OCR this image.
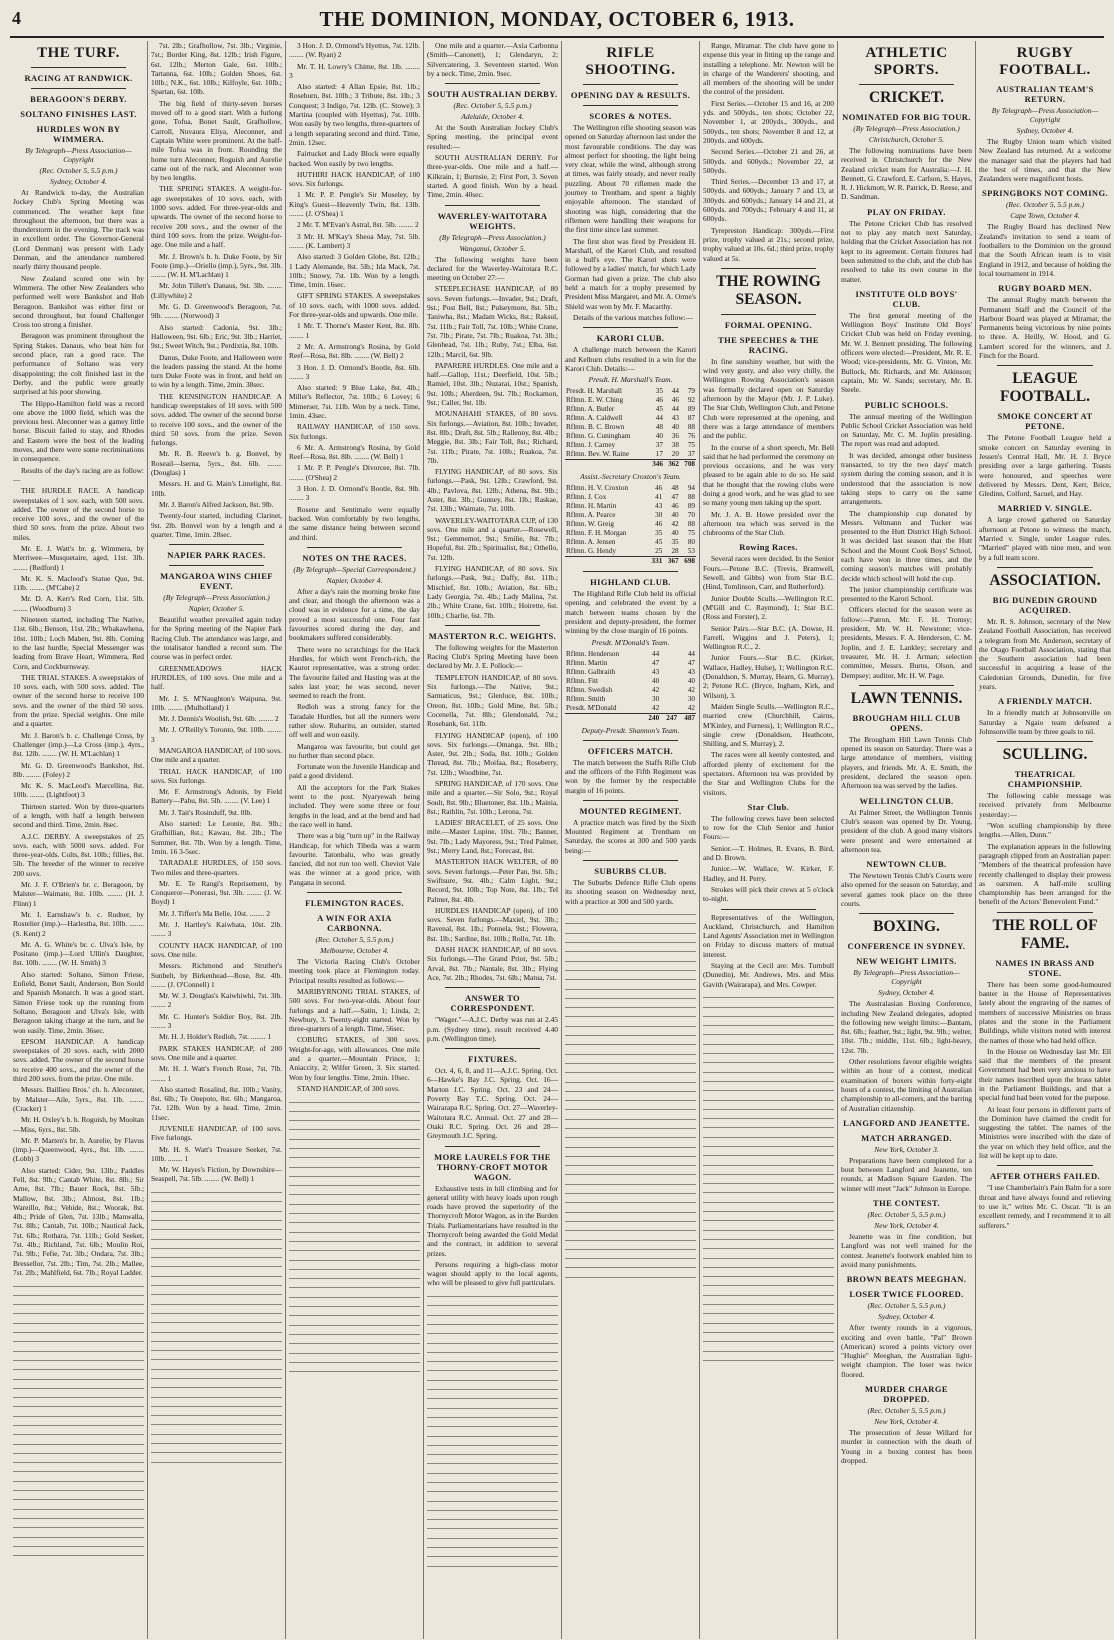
4	THE DOMINION, MONDAY, OCTOBER 6, 1913.
THE TURF.
RACING AT RANDWICK.
BERAGOON'S DERBY.
SOLTANO FINISHES LAST.
HURDLES WON BY WIMMERA.
By Telegraph—Press Association—Copyright
(Rec. October 5, 5.5 p.m.)
Sydney, October 4.

At Randwick to-day, the Australian Jockey Club's Spring Meeting was commenced. The weather kept fine throughout the afternoon, but there was a thunderstorm in the evening. The track was in excellent order. The Governor-General (Lord Denman) was present with Lady Denman, and the attendance numbered nearly thirty thousand people.

New Zealand scored one win by Wimmera. The other New Zealanders who performed well were Bankshot and Bob Beragoon. Bankshot was either first or second throughout, but found Challenger Cross too strong a finisher.

Beragoon was prominent throughout the Spring Stakes. Danaus, who beat him for second place, ran a good race. The performance of Soltano was very disappointing; the colt finished last in the Derby, and the public were greatly surprised at his poor showing.

The Hippo-Hamilton field was a record one above the 1000 field, which was the previous best. Aleconner was a gamey little horse. Biscuit failed to stay, and Rhodes and Eastern were the best of the leading moves, and there were some recriminations in consequence.

Results of the day's racing are as follow:—

THE HURDLE RACE. A handicap sweepstakes of 1 sov. each, with 500 sovs. added. The owner of the second horse to receive 100 sovs., and the owner of the third 50 sovs. from the prize. About two miles.

Mr. E. J. Watt's br. g. Wimmera, by Merriwee—Musquetaire, aged, 11st. 3lb. ........ (Redford) 1

Mr. K. S. Macleod's Statue Quo, 9st. 11lb. ........ (M'Cabe) 2

Mr. D. A. Kerr's Red Corn, 11st. 5lb. ........ (Woodburn) 3

Nineteen started, including The Native, 11st. 6lb.; Benson, 11st. 2lb.; Whakawhena, 10st. 10lb.; Loch Maben, 9st. 8lb. Coming to the last hurdle, Special Messenger was leading from Brave Heart, Wimmera, Red Corn, and Cockburnsway.

THE TRIAL STAKES. A sweepstakes of 10 sovs. each, with 500 sovs. added. The owner of the second horse to receive 100 sovs. and the owner of the third 50 sovs. from the prize. Special weights. One mile and a quarter.

Mr. J. Baron's b. c. Challenge Cross, by Challenger (imp.)—La Cross (imp.), 4yrs., 8st. 12lb. ........ (W. H. M'Lachlan) 1

Mr. G. D. Greenwood's Bankshot, 8st. 8lb. ........ (Foley) 2

Mr. K. S. MacLeod's Marcellina, 8st. 10lb. ........ (Lightfoot) 3

Thirteen started. Won by three-quarters of a length, with half a length between second and third. Time, 2min. 8sec.

A.J.C. DERBY. A sweepstakes of 25 sovs. each, with 5000 sovs. added. For three-year-olds. Colts, 8st. 10lb.; fillies, 8st. 5lb. The breeder of the winner to receive 200 sovs.

Mr. J. F. O'Brien's br. c. Beragoon, by Malster—Waimate, 8st. 10lb. ........ (H. J. Flinn) 1

Mr. I. Earnshaw's b. c. Rudner, by Rostelier (imp.)—Harlestha, 8st. 10lb. ........ (S. Kent) 2

Mr. A. G. White's br. c. Ulva's Isle, by Positano (imp.)—Lord Ullin's Daughter, 8st. 10lb. ........ (W. H. Smith) 3

Also started: Soltano, Simon Friese, Enfield, Bonet Sault, Anderson, Bon Sould and Spanish Monarch. It was a good start. Simon Friese took up the running from Soltano, Beragoon and Ulva's Isle, with Beragoon taking charge at the turn, and he won easily. Time, 2min. 36sec.

EPSOM HANDICAP. A handicap sweepstakes of 20 sovs. each, with 2000 sovs. added. The owner of the second horse to receive 400 sovs., and the owner of the third 200 sovs. from the prize. One mile.

Messrs. Baillieu Bros.' ch. h. Aleconner, by Malster—Aile, 5yrs., 8st. 1lb. ........ (Cracker) 1

Mr. H. Oxley's b. h. Roguish, by Mooltan—Miss, 6yrs., 8st. 5lb.

Mr. P. Marten's br. h. Aurelie, by Flavus (imp.)—Queenwood, 4yrs., 8st. 1lb. ........ (Lobb) 3

Also started: Cider, 9st. 13lb.; Paddles Fell, 8st. 9lb.; Cantab White, 8st. 8lb.; Sir Arne, 8st. 7lb.; Bauer Rock, 8st. 5lb.; Mallow, 8st. 3lb.; Almost, 8st. 1lb.; Wareillo, 8st.; Vehide, 8st.; Woorak, 8st. 4lb.; Pride of Glen, 7st. 13lb.; Manwalla, 7st. 8lb.; Cantab, 7st. 10lb.; Nautical Jack, 7st. 6lb.; Rothara, 7st. 11lb.; Gold Seeker, 7st. 4lb.; Richland, 7st. 6lb.; Moulin Roi, 7st. 9lb.; Fefie, 7st. 3lb.; Ondara, 7st. 3lb.; Bressellor, 7st. 2lb.; Tim, 7st. 2lb.; Mallee, 7st. 2lb.; Mahlfield, 6st. 7lb.; Royal Ladder.

7st. 2lb.; Grafhollow, 7st. 3lb.; Virginie, 7st.; Border King, 8st. 12lb.; Irish Figure, 6st. 12lb.; Merton Gale, 6st. 10lb.; Tartanna, 6st. 10lb.; Golden Shoes, 6st. 10lb.; N.K., 6st. 10lb.; Kilfoyle, 6st. 10lb.; Spartan, 6st. 10lb.

The big field of thirty-seven horses moved off to a good start. With a furlong gone, Tofua, Bonet Sault, Grafhollow, Carroll, Nuvaura Eliya, Aleconner, and Captain White were prominent. At the half-mile Tofua was in front. Rounding the home turn Aleconner, Roguish and Aurelie came out of the ruck, and Aleconner won by two lengths.

THE SPRING STAKES. A weight-for-age sweepstakes of 10 sovs. each, with 1000 sovs. added. For three-year-olds and upwards. The owner of the second horse to receive 200 sovs., and the owner of the third 100 sovs. from the prize. Weight-for-age. One mile and a half.

Mr. J. Brown's b. h. Duke Foote, by Sir Foote (imp.)—Oriello (imp.), 5yrs., 9st. 3lb. ........ (W. H. M'Lachlan) 1

Mr. John Tillett's Danaus, 9st. 3lb. ........ (Lillywhite) 2

Mr. G. D. Greenwood's Beragoon, 7st. 9lb. ........ (Norwood) 3

Also started: Cadonia, 9st. 3lb.; Halloween, 9st. 6lb.; Eric, 9st. 3lb.; Harriet, 9st.; Sweet Witch, 9st.; Perdixtia, 8st. 10lb.

Danus, Duke Foote, and Halloween were the leaders passing the stand. At the home turn Duke Foote was in front, and held on to win by a length. Time, 2min. 38sec.

THE KENSINGTON HANDICAP. A handicap sweepstakes of 10 sovs. with 500 sovs. added. The owner of the second horse to receive 100 sovs., and the owner of the third 50 sovs. from the prize. Seven furlongs.

Mr. R. B. Reeve's b. g. Bonvel, by Roseail—Iserna, 5yrs., 8st. 6lb. ........ (Douglas) 1

Messrs. H. and G. Main's Limelight, 8st. 10lb.

Mr. J. Baron's Alfred Jackson, 8st. 9lb.

Twenty-four started, including Clarinet, 9st. 2lb. Bonvel won by a length and a quarter. Time, 1min. 28sec.

NAPIER PARK RACES.
MANGAROA WINS CHIEF EVENT.
(By Telegraph—Press Association.)
Napier, October 5.

Beautiful weather prevailed again today for the Spring meeting of the Napier Park Racing Club. The attendance was large, and the totalisator handled a record sum. The course was in perfect order.

GREENMEADOWS HACK HURDLES, of 100 sovs. One mile and a half.

Mr. J. S. M'Naughton's Waipuna, 9st. 10lb. ........ (Mulholland) 1

Mr. J. Dennis's Woolish, 9st. 6lb. ........ 2

Mr. J. O'Reilly's Toronto, 9st. 10lb. ........ 3

MANGAROA HANDICAP, of 100 sovs. One mile and a quarter.

TRIAL HACK HANDICAP, of 100 sovs. Six furlongs.

Mr. F. Armstrong's Adonis, by Field Battery—Pahu, 8st. 5lb. ........ (V. Lee) 1

Mr. J. Tait's Rosinduff, 9st. 0lb.

Also started: Le Leonie, 8st. 9lb.; Grafhillian, 8st.; Kawau, 8st. 2lb.; The Summer, 8st. 7lb. Won by a length. Time, 1min. 16 3-5sec.

TARADALE HURDLES, of 150 sovs. Two miles and three-quarters.

Mr. E. Te Rangi's Reprisement, by Conqueror—Ponerasi, 9st. 3lb. ........ (J. W. Boyd) 1

Mr. J. Tiffert's Ma Belle, 10st. ........ 2

Mr. J. Hartley's Kaiwhata, 10st. 2lb. ........ 3

COUNTY HACK HANDICAP, of 100 sovs. One mile.

Messrs. Richmond and Struther's Sunbelt, by Birkenhead—Rose, 8st. 4lb. ........ (J. O'Connell) 1

Mr. W. J. Douglas's Kaiwhiwhi, 7st. 3lb. ........ 2

Mr. C. Hunter's Soldier Boy, 8st. 2lb. ........ 3

Mr. H. J. Holder's Redloh, 7st. ........ 1

PARK STAKES HANDICAP, of 200 sovs. One mile and a quarter.

Mr. H. J. Watt's French Rose, 7st. 7lb. ........ 1

Also started: Rosalind, 8st. 10lb.; Vanity, 8st. 6lb.; Te Onepoto, 8st. 6lb.; Mangaroa, 7st. 12lb. Won by a head. Time, 2min. 11sec.

JUVENILE HANDICAP, of 100 sovs. Five furlongs.

Mr. H. S. Watt's Treasure Seeker, 7st. 10lb. ........ 1

Mr. W. Hayes's Fiction, by Downshire—Seaspell, 7st. 5lb. ........ (W. Bell) 1

3 Hon. J. D. Ormond's Hyettus, 7st. 12lb. ........ (W. Ryan) 2

Mr. T. H. Lowry's Chime, 8st. 1lb. ........ 3

Also started: 4 Allan Epsie, 8st. 1lb.; Roseburn, 8st. 10lb.; 3 Tribute, 8st. 1lb.; 3 Conquest; 3 Indigo, 7st. 12lb. (C. Stowe); 3 Martina (coupled with Hyettus), 7st. 10lb. Won easily by two lengths, three-quarters of a length separating second and third. Time, 2min. 12sec.

Fairtucket and Lady Block were equally backed. Won easily by two lengths.

HUTHIRI HACK HANDICAP, of 100 sovs. Six furlongs.

1 Mr. P. P. Pengle's Sir Moseley, by King's Guest—Heavenly Twin, 8st. 13lb. ........ (J. O'Shea) 1

2 Mr. T. M'Evan's Astral, 8st. 5lb. ........ 2

3 Mr. H. M'Kay's Sheoa May, 7st. 5lb. ........ (K. Lambert) 3

Also started: 3 Golden Globe, 8st. 12lb.; 1 Lady Alemande, 8st. 5lb.; Ida Mack, 7st. 10lb.; Snowy, 7st. 1lb. Won by a length. Time, 1min. 16sec.

GIFT SPRING STAKES. A sweepstakes of 10 sovs. each, with 1000 sovs. added. For three-year-olds and upwards. One mile.

1 Mr. T. Thorne's Master Kent, 8st. 8lb. ........ 1

2 Mr. A. Armstrong's Rosina, by Gold Reef—Rosa, 8st. 8lb. ........ (W. Bell) 2

3 Hon. J. D. Ormond's Bootle, 8st. 6lb. ........ 3

Also started: 9 Blue Lake, 8st. 4lb.; Miller's Reflector, 7st. 10lb.; 6 Lovey; 6 Mimerser, 7st. 11lb. Won by a neck. Time, 1min. 43sec.

RAILWAY HANDICAP, of 150 sovs. Six furlongs.

6 Mr. A. Armstrong's Rosina, by Gold Reef—Rosa, 8st. 8lb. ........ (W. Bell) 1

1 Mr. P. P. Pengle's Divorcee, 8st. 7lb. ........ (O'Shea) 2

3 Hon. J. D. Ormond's Bootle, 8st. 9lb. ........ 3

Rosene and Sentimalo were equally backed. Won comfortably by two lengths, the same distance being between second and third.

NOTES ON THE RACES.
(By Telegraph—Special Correspondent.)
Napier, October 4.

After a day's rain the morning broke fine and clear, and though the afternoon was a cloud was in evidence for a time, the day proved a most successful one. Four fast favourites scored during the day, and bookmakers suffered considerably.

There were no scratchings for the Hack Hurdles, for which went French-rich, the Kaurot representative, was a strong order. The favourite failed and Hasting was at the sales last year; he was second, never seemed to reach the front.

Redloh was a strong fancy for the Taradale Hurdles, but all the runners were rather slow. Rubaritu, an outsider, started off well and won easily.

Mangaroa was favourite, but could get no further than second place.

Fortunate won the Juvenile Handicap and paid a good dividend.

All the acceptors for the Park Stakes went to the post. Nyaryewah being included. They were some three or four lengths in the lead, and at the bend and had the race well in hand.

There was a big "turn up" in the Railway Handicap, for which Tibeda was a warm favourite. Tatonbalu, who was greatly fancied, did not run too well. Cheviot Vale was the winner at a good price, with Pangana in second.

FLEMINGTON RACES.
A WIN FOR AXIA CARBONNA.
(Rec. October 5, 5.5 p.m.)
Melbourne, October 4.

The Victoria Racing Club's October meeting took place at Flemington today. Principal results resulted as follows:—

MARIBYRNONG TRIAL STAKES, of 500 sovs. For two-year-olds. About four furlongs and a half.—Satin, 1; Linda, 2; Newbury, 3. Twenty-eight started. Won by three-quarters of a length. Time, 56sec.

COBURG STAKES, of 300 sovs. Weight-for-age, with allowances. One mile and a quarter.—Mountain Prince, 1; Aniaccity, 2; Wilfer Green, 3. Six started. Won by four lengths. Time, 2min. 10sec.

STAND HANDICAP, of 300 sovs.

One mile and a quarter.—Axia Carbonna (Smith—Canonett), 1; Glendaryn, 2; Silvercatering, 3. Seventeen started. Won by a neck. Time, 2min. 9sec.

SOUTH AUSTRALIAN DERBY.
(Rec. October 5, 5.5 p.m.)
Adelaide, October 4.

At the South Australian Jockey Club's Spring meeting, the principal event resulted:—

SOUTH AUSTRALIAN DERBY. For three-year-olds. One mile and a half.—Kilkrain, 1; Burnsie, 2; First Port, 3. Seven started. A good finish. Won by a head. Time, 2min. 40sec.

WAVERLEY-WAITOTARA WEIGHTS.
(By Telegraph—Press Association.)
Wanganui, October 5.

The following weights have been declared for the Waverley-Waitotara R.C. meeting on October 27:—

STEEPLECHASE HANDICAP, of 80 sovs. Seven furlongs.—Invader, 9st.; Draft, 9st.; Post Bell, 8st.; Pulseymore, 8st. 5lb.; Taniwha, 8st.; Madam Wicks, 8st.; Raksul, 7st. 11lb.; Fair Toll, 7st. 10lb.; White Crane, 7st. 7lb.; Pirate, 7st. 7lb.; Ruakoa, 7st. 3lb.; Glenhead, 7st. 1lb.; Ruby, 7st.; Elba, 6st. 12lb.; Marcil, 6st. 9lb.

PAPARERE HURDLES. One mile and a half.—Gallop, 11st.; Deerfield, 10st. 5lb.; Ramiel, 10st. 3lb.; Nuzarai, 10st.; Spanish, 9st. 10lb.; Aberdeen, 9st. 7lb.; Rockamon, 9st.; Caller, 9st. 1lb.

MOUNAHAHI STAKES, of 80 sovs. Six furlongs.—Aviation, 8st. 10lb.; Invader, 8st. 8lb.; Draft, 8st. 5lb.; Rallenny, 8st. 4lb.; Meggie, 8st. 3lb.; Fair Toll, 8st.; Richard, 7st. 11lb.; Pirate, 7st. 10lb.; Ruakoa, 7st. 7lb.

FLYING HANDICAP, of 80 sovs. Six furlongs.—Pask, 9st. 12lb.; Crawford, 9st. 4lb.; Pavlova, 8st. 12lb.; Athena, 8st. 9lb.; Aster, 8st. 3lb.; Gunney, 8st. 1lb.; Raskae, 7st. 13lb.; Waimate, 7st. 10lb.

WAVERLEY-WAITOTARA CUP, of 130 sovs. One mile and a quarter.—Rosewell, 9st.; Gemmemot, 9st.; Smilie, 8st. 7lb.; Hopeful, 8st. 2lb.; Spiritualist, 8st.; Othello, 7st. 12lb.

FLYING HANDICAP, of 80 sovs. Six furlongs.—Pask, 9st.; Daffy, 8st. 11lb.; Mischief, 8st. 10lb.; Aviation, 8st. 6lb.; Lady Georgia, 7st. 4lb.; Lady Malina, 7st. 2lb.; White Crane, 6st. 10lb.; Hoirette, 6st. 10lb.; Charlie, 6st. 7lb.

MASTERTON R.C. WEIGHTS.

The following weights for the Masterton Racing Club's Spring Meeting have been declared by Mr. J. E. Pollock:—

TEMPLETON HANDICAP, of 80 sovs. Six furlongs.—The Native, 9st.; Sarmaticus, 9st.; Glenluce, 8st. 10lb.; Oreon, 8st. 10lb.; Gold Mine, 8st. 5lb.; Cocenella, 7st. 8lb.; Glendonald, 7st.; Rosebank, 6st. 11lb.

FLYING HANDICAP (open), of 100 sovs. Six furlongs.—Omanga, 9st. 8lb.; Aster, 9st. 2lb.; Soda, 8st. 10lb.; Golden Thread, 8st. 7lb.; Moifaa, 8st.; Roseberry, 7st. 12lb.; Woodbine, 7st.

SPRING HANDICAP, of 170 sovs. One mile and a quarter.—Sir Solo, 9st.; Royal Soult, 8st. 9lb.; Bluetoner, 8st. 1lb.; Mainia, 8st.; Rathlin, 7st. 10lb.; Lerona, 7st.

LADIES' BRACELET, of 25 sovs. One mile.—Master Lupine, 10st. 7lb.; Banner, 9st. 7lb.; Lady Mayoress, 9st.; Tred Palmer, 9st.; Merry Land, 8st.; Forecast, 8st.

MASTERTON HACK WELTER, of 80 sovs. Seven furlongs.—Peter Pan, 9st. 5lb.; Swiftsure, 9st. 4lb.; Calm Light, 9st.; Record, 9st. 10lb.; Top Note, 8st. 1lb.; Tel Palmer, 8st. 4lb.

HURDLES HANDICAP (open), of 100 sovs. Seven furlongs.—Maxiel, 9st. 3lb.; Ravenal, 8st. 1lb.; Ponnela, 9st.; Flowera, 8st. 1lb.; Sardine, 8st. 10lb.; Rollo, 7st. 1lb.

DASH HACK HANDICAP, of 80 sovs. Six furlongs.—The Grand Prior, 9st. 5lb.; Arval, 8st. 7lb.; Nantale, 8st. 3lb.; Flying Ace, 7st. 2lb.; Rhodes, 7st. 6lb.; Matua, 7st.

ANSWER TO CORRESPONDENT.

"Wager."—A.J.C. Derby was run at 2.45 p.m. (Sydney time), result received 4.40 p.m. (Wellington time).

FIXTURES.

Oct. 4, 6, 8, and 11—A.J.C. Spring. Oct. 6—Hawke's Bay J.C. Spring. Oct. 16—Marton J.C. Spring. Oct. 23 and 24—Poverty Bay T.C. Spring. Oct. 24—Wairarapa R.C. Spring. Oct. 27—Waverley-Waitotara R.C. Annual. Oct. 27 and 28—Otaki R.C. Spring. Oct. 26 and 28—Greymouth J.C. Spring.

MORE LAURELS FOR THE THORNY-CROFT MOTOR WAGON.

Exhaustive tests in hill climbing and for general utility with heavy loads upon rough roads have proved the superiority of the Thornycroft Motor Wagon, as in the Burden Trials. Parliamentarians have resulted in the Thornycroft being awarded the Gold Medal and the contract, in addition to several prizes.

Persons requiring a high-class motor wagon should apply to the local agents, who will be pleased to give full particulars.

RIFLE SHOOTING.
OPENING DAY & RESULTS.
SCORES & NOTES.

The Wellington rifle shooting season was opened on Saturday afternoon last under the most favourable conditions. The day was almost perfect for shooting, the light being very clear, while the wind, although strong at times, was fairly steady, and never really puzzling. About 70 riflemen made the journey to Trentham, and spent a highly enjoyable afternoon. The standard of shooting was high, considering that the riflemen were handling their weapons for the first time since last summer.

The first shot was fired by President H. Marshall, of the Karori Club, and resulted in a bull's eye. The Karori shots were followed by a ladies' match, for which Lady Gorman had given a prize. The club also held a match for a trophy presented by President Miss Margaret, and Mr. A. Orme's Shield was won by Mr. F. Macarthy.

Details of the various matches follow:—

KARORI CLUB.

A challenge match between the Karori and Kelburn clubs resulted in a win for the Karori Club. Details:—

Presdt. H. Marshall's Team.
Presdt. H. Marshall	35	44	79
Rflmn. E. W. Ching	46	46	92
Rflmn. A. Butler	45	44	89
Rflmn. A. Caldwell	44	43	87
Rflmn. B. C. Brown	48	40	88
Rflmn. G. Cuningham	40	36	76
Rflmn. J. Carney	37	38	75
Rflmn. Bev. W. Raine	17	20	37
	346	362	708
Assist.-Secretary Croxton's Team.
Rflmn. H. V. Croxton	46	48	94
Rflmn. J. Cox	41	47	88
Rflmn. H. Martin	43	46	89
Rflmn. A. Pearce	30	40	70
Rflmn. W. Greig	46	42	88
Rflmn. F. H. Morgan	35	40	75
Rflmn. A. Jensen	45	35	80
Rflmn. G. Hendy	25	28	53
	331	367	698
HIGHLAND CLUB.

The Highland Rifle Club held its official opening, and celebrated the event by a match between teams chosen by the president and deputy-president, the former winning by the close margin of 16 points.

Presdt. M'Donald's Team.
Rflmn. Henderson	44		44
Rflmn. Martin	47		47
Rflmn. Galbraith	43		43
Rflmn. Fitt	40		40
Rflmn. Swedish	42		42
Rflmn. Smith	30		30
Presdt. M'Donald	42		42
	240	247	487
Deputy-Presdt. Shannon's Team.
OFFICERS MATCH.

The match between the Staffs Rifle Club and the officers of the Fifth Regiment was won by the former by the respectable margin of 16 points.

MOUNTED REGIMENT.

A practice match was fired by the Sixth Mounted Regiment at Trentham on Saturday, the scores at 300 and 500 yards being:—

SUBURBS CLUB.

The Suburbs Defence Rifle Club opens its shooting season on Wednesday next, with a practice at 300 and 500 yards.

Range, Miramar. The club have gone to expense this year in fitting up the range and installing a telephone. Mr. Newton will be in charge of the Wanderers' shooting, and all members of the shooting will be under the control of the president.

First Series.—October 15 and 16, at 200 yds. and 500yds., ten shots; October 22, November 1, at 200yds., 300yds., and 500yds., ten shots; November 8 and 12, at 200yds. and 600yds.

Second Series.—October 21 and 26, at 500yds. and 600yds.; November 22, at 500yds.

Third Series.—December 13 and 17, at 500yds. and 600yds.; January 7 and 13, at 300yds. and 600yds.; January 14 and 21, at 600yds. and 700yds.; February 4 and 11, at 600yds.

Tyrepreston Handicap: 300yds.—First prize, trophy valued at 21s.; second prize, trophy valued at 10s. 6d.; third prize, trophy valued at 5s.

THE ROWING SEASON.
FORMAL OPENING.
THE SPEECHES & THE RACING.

In fine sunshiny weather, but with the wind very gusty, and also very chilly, the Wellington Rowing Association's season was formally declared open on Saturday afternoon by the Mayor (Mr. J. P. Luke). The Star Club, Wellington Club, and Petone Club were represented at the opening, and there was a large attendance of members and the public.

In the course of a short speech, Mr. Bell said that he had performed the ceremony on previous occasions, and he was very pleased to be again able to do so. He said that he thought that the rowing clubs were doing a good work, and he was glad to see so many young men taking up the sport.

Mr. J. A. B. Howe presided over the afternoon tea which was served in the clubrooms of the Star Club.

Rowing Races.

Several races were decided. In the Senior Fours.—Petone B.C. (Trevis, Bramwell, Sewell, and Gibbs) won from Star B.C. (Hind, Tomlinson, Carr, and Rutherford).

Junior Double Sculls.—Wellington R.C. (M'Gill and C. Raymond), 1; Star B.C. (Ross and Forster), 2.

Senior Pairs.—Star B.C. (A. Dowse, H. Farrell, Wiggins and J. Peters), 1; Wellington R.C., 2.

Junior Fours.—Star B.C. (Kirker, Wallace, Hadley, Hulse), 1; Wellington R.C. (Donaldson, S. Murray, Hearn, G. Murray), 2; Petone R.C. (Bryce, Ingham, Kirk, and Wilson), 3.

Maiden Single Sculls.—Wellington R.C., married crew (Churchhill, Cairns, M'Kinley, and Furness), 1; Wellington R.C., single crew (Donaldson, Heathcote, Shilling, and S. Murray), 2.

The races were all keenly contested, and afforded plenty of excitement for the spectators. Afternoon tea was provided by the Star and Wellington Clubs for the visitors.

Star Club.

The following crews have been selected to row for the Club Senior and Junior Fours:—

Senior.—T. Holmes, R. Evans, B. Bird, and D. Brown.

Junior.—W. Wallace, W. Kirker, F. Hadley, and H. Perry.

Strokes will pick their crews at 5 o'clock to-night.

Representatives of the Wellington, Auckland, Christchurch, and Hamilton Land Agents' Association met in Wellington on Friday to discuss matters of mutual interest.

Staying at the Cecil are: Mrs. Turnbull (Dunedin), Mr. Andrews, Mrs. and Miss Gavith (Wairarapa), and Mrs. Cowper.

ATHLETIC SPORTS.
CRICKET.
NOMINATED FOR BIG TOUR.
(By Telegraph—Press Association.)
Christchurch, October 5.

The following nominations have been received in Christchurch for the New Zealand cricket team for Australia:—J. H. Bennett, G. Crawford, E. Carlson, S. Hayes, R. J. Hickmott, W. R. Patrick, D. Reese, and D. Sandman.

PLAY ON FRIDAY.

The Petone Cricket Club has resolved not to play any match next Saturday, holding that the Cricket Association has not kept to its agreement. Certain fixtures had been submitted to the club, and the club has resolved to take its own course in the matter.

INSTITUTE OLD BOYS' CLUB.

The first general meeting of the Wellington Boys' Institute Old Boys' Cricket Club was held on Friday evening, Mr. W. J. Bennett presiding. The following officers were elected:—President, Mr. R. E. Wood; vice-presidents, Mr. G. Vinton, Mr. Bullock, Mr. Richards, and Mr. Atkinson; captain, Mr. W. Sands; secretary, Mr. B. Steele.

PUBLIC SCHOOLS.

The annual meeting of the Wellington Public School Cricket Association was held on Saturday, Mr. C. M. Joplin presiding. The report was read and adopted.

It was decided, amongst other business transacted, to try the two days' match system during the coming season, and it is understood that the association is now taking steps to carry on the same arrangements.

The championship cup donated by Messrs. Veltmann and Tucker was presented to the Hutt District High School. It was decided last season that the Hutt School and the Mount Cook Boys' School, each have won in three times, and the coming season's matches will probably decide which school will hold the cup.

The junior championship certificate was presented to the Karori School.

Officers elected for the season were as follow:—Patron, Mr. F. H. Tromsy; president, Mr. W. H. Newstone; vice-presidents, Messrs. F. A. Henderson, C. M. Joplin, and J. E. Lankley; secretary and treasurer, Mr. H. J. Arman; selection committee, Messrs. Burns, Olson, and Dempsey; auditor, Mr. H. W. Page.

LAWN TENNIS.
BROUGHAM HILL CLUB OPENS.

The Brougham Hill Lawn Tennis Club opened its season on Saturday. There was a large attendance of members, visiting players, and friends. Mr. A. E. Smith, the president, declared the season open. Afternoon tea was served by the ladies.

WELLINGTON CLUB.

At Palmer Street, the Wellington Tennis Club's season was opened by Dr. Young, president of the club. A good many visitors were present and were entertained at afternoon tea.

NEWTOWN CLUB.

The Newtown Tennis Club's Courts were also opened for the season on Saturday, and several games took place on the three courts.

BOXING.
CONFERENCE IN SYDNEY.
NEW WEIGHT LIMITS.
By Telegraph—Press Association—Copyright
Sydney, October 4.

The Australasian Boxing Conference, including New Zealand delegates, adopted the following new weight limits:—Bantam, 8st. 6lb.; feather, 9st.; light, 9st. 9lb.; welter, 10st. 7lb.; middle, 11st. 6lb.; light-heavy, 12st. 7lb.

Other resolutions favour eligible weights within an hour of a contest, medical examination of boxers within forty-eight hours of a contest, the limiting of Australian championship to all-comers, and the barring of Australian citizenship.

LANGFORD AND JEANETTE.
MATCH ARRANGED.
New York, October 3.

Preparations have been completed for a bout between Langford and Jeanette, ten rounds, at Madison Square Garden. The winner will meet "Jack" Johnson in Europe.

THE CONTEST.
(Rec. October 5, 5.5 p.m.)
New York, October 4.

Jeanette was in fine condition, but Langford was not well trained for the contest. Jeanette's footwork enabled him to avoid many punishments.

BROWN BEATS MEEGHAN.
LOSER TWICE FLOORED.
(Rec. October 5, 5.5 p.m.)
Sydney, October 4.

After twenty rounds in a vigorous, exciting and even battle, "Pal" Brown (American) scored a points victory over "Hughie" Meeghan, the Australian light-weight champion. The loser was twice floored.

MURDER CHARGE DROPPED.
(Rec. October 5, 5.5 p.m.)
New York, October 4.

The prosecution of Jesse Willard for murder in connection with the death of Young in a boxing contest has been dropped.

RUGBY FOOTBALL.
AUSTRALIAN TEAM'S RETURN.
By Telegraph—Press Association—Copyright
Sydney, October 4.

The Rugby Union team which visited New Zealand has returned. At a welcome the manager said that the players had had the best of times, and that the New Zealanders were magnificent hosts.

SPRINGBOKS NOT COMING.
(Rec. October 5, 5.5 p.m.)
Cape Town, October 4.

The Rugby Board has declined New Zealand's invitation to send a team of footballers to the Dominion on the ground that the South African team is to visit England in 1912, and because of holding the local tournament in 1914.

RUGBY BOARD MEN.

The annual Rugby match between the Permanent Staff and the Council of the Harbour Board was played at Miramar, the Permanents being victorious by nine points to three. A. Heilly, W. Hood, and G. Lambert scored for the winners, and J. Finch for the Board.

LEAGUE FOOTBALL.
SMOKE CONCERT AT PETONE.

The Petone Football League held a smoke concert on Saturday evening in Jessen's Central Hall, Mr. H. J. Bryce presiding over a large gathering. Toasts were honoured, and speeches were delivered by Messrs. Dent, Kerr, Brice, Gledinn, Colford, Sacuel, and Hay.

MARRIED V. SINGLE.

A large crowd gathered on Saturday afternoon at Petone to witness the match, Married v. Single, under League rules. "Married" played with nine men, and won by a full team score.

ASSOCIATION.
BIG DUNEDIN GROUND ACQUIRED.

Mr. R. S. Johnson, secretary of the New Zealand Football Association, has received a telegram from Mr. Anderson, secretary of the Otago Football Association, stating that the Southern association had been successful in acquiring a lease of the Caledonian Grounds, Dunedin, for five years.

A FRIENDLY MATCH.

In a friendly match at Johnsonville on Saturday a Ngaio team defeated a Johnsonville team by three goals to nil.

SCULLING.
THEATRICAL CHAMPIONSHIP.

The following cable message was received privately from Melbourne yesterday:—

"Won sculling championship by three lengths.—Allen, Dunn."

The explanation appears in the following paragraph clipped from an Australian paper: "Members of the theatrical profession have recently challenged to display their prowess as oarsmen. A half-mile sculling championship has been arranged for the benefit of the Actors' Benevolent Fund."

THE ROLL OF FAME.
NAMES IN BRASS AND STONE.

There has been some good-humoured banter in the House of Representatives lately about the engraving of the names of members of successive Ministries on brass plates and the stone in the Parliament Buildings, while visitors noted with interest the names of those who had held office.

In the House on Wednesday last Mr. Ell said that the members of the present Government had been very anxious to have their names inscribed upon the brass tablet in the Parliament Buildings, and that a special fund had been voted for the purpose.

At least four persons in different parts of the Dominion have claimed the credit for suggesting the tablet. The names of the Ministries were inscribed with the date of the year on which they held office, and the list will be kept up to date.

AFTER OTHERS FAILED.

"I use Chamberlain's Pain Balm for a sore throat and have always found and relieving to use it," writes Mr. C. Oscar. "It is an excellent remedy, and I recommend it to all sufferers."
